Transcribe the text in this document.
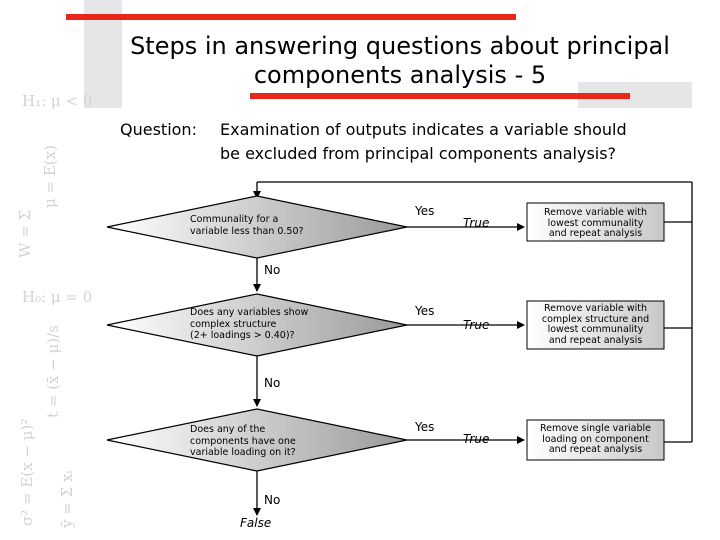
H₁: μ < 0
H₀: μ = 0
W = Σ
σ² = E(x − μ)²
μ = E(x)
t = (x̄ − μ)/s
ȳ = Σ xᵢ
Steps in answering questions about principal
components analysis - 5
Question: Examination of outputs indicates a variable should
be excluded from principal components analysis?
Communality for a
variable less than 0.50?
Does any variables show
complex structure
(2+ loadings > 0.40)?
Does any of the
components have one
variable loading on it?
Yes
True
No
Yes
True
No
Yes
True
No
False
Remove variable with
lowest communality
and repeat analysis
Remove variable with
complex structure and
lowest communality
and repeat analysis
Remove single variable
loading on component
and repeat analysis
